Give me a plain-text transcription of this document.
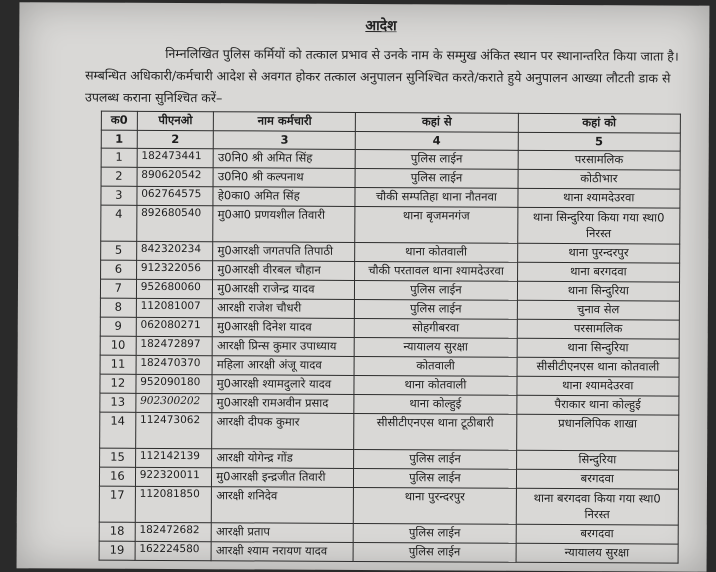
आदेश
निम्नलिखित पुलिस कर्मियों को तत्काल प्रभाव से उनके नाम के सम्मुख अंकित स्थान पर स्थानान्तरित किया जाता है। सम्बन्धित अधिकारी/कर्मचारी आदेश से अवगत होकर तत्काल अनुपालन सुनिश्चित करते/कराते हुये अनुपालन आख्या लौटती डाक से उपलब्ध कराना सुनिश्चित करें–
क0	पीएनओ	नाम कर्मचारी	कहां से	कहां को
1	2	3	4	5
1	182473441	उ0नि0 श्री अमित सिंह	पुलिस लाईन	परसामलिक
2	890620542	उ0नि0 श्री कल्पनाथ	पुलिस लाईन	कोठीभार
3	062764575	हे0का0 अमित सिंह	चौकी सम्पतिहा थाना नौतनवा	थाना श्यामदेउरवा
4	892680540	मु0आ0 प्रणयशील तिवारी	थाना बृजमनगंज	थाना सिन्दुरिया किया गया स्था0 निरस्त
5	842320234	मु0आरक्षी जगतपति तिपाठी	थाना कोतवाली	थाना पुरन्दरपुर
6	912322056	मु0आरक्षी वीरबल चौहान	चौकी परतावल थाना श्यामदेउरवा	थाना बरगदवा
7	952680060	मु0आरक्षी राजेन्द्र यादव	पुलिस लाईन	थाना सिन्दुरिया
8	112081007	आरक्षी राजेश चौधरी	पुलिस लाईन	चुनाव सेल
9	062080271	मु0आरक्षी दिनेश यादव	सोहगीबरवा	परसामलिक
10	182472897	आरक्षी प्रिन्स कुमार उपाध्याय	न्यायालय सुरक्षा	थाना सिन्दुरिया
11	182470370	महिला आरक्षी अंजू यादव	कोतवाली	सीसीटीएनएस थाना कोतवाली
12	952090180	मु0आरक्षी श्यामदुलारे यादव	थाना कोतवाली	थाना श्यामदेउरवा
13	902300202	मु0आरक्षी रामअवीन प्रसाद	थाना कोल्हुई	पैराकार थाना कोल्हुई
14	112473062	आरक्षी दीपक कुमार	सीसीटीएनएस थाना टूठीबारी	प्रधानलिपिक शाखा
15	112142139	आरक्षी योगेन्द्र गोंड	पुलिस लाईन	सिन्दुरिया
16	922320011	मु0आरक्षी इन्द्रजीत तिवारी	पुलिस लाईन	बरगदवा
17	112081850	आरक्षी शनिदेव	थाना पुरन्दरपुर	थाना बरगदवा किया गया स्था0 निरस्त
18	182472682	आरक्षी प्रताप	पुलिस लाईन	बरगदवा
19	162224580	आरक्षी श्याम नरायण यादव	पुलिस लाईन	न्यायालय सुरक्षा
